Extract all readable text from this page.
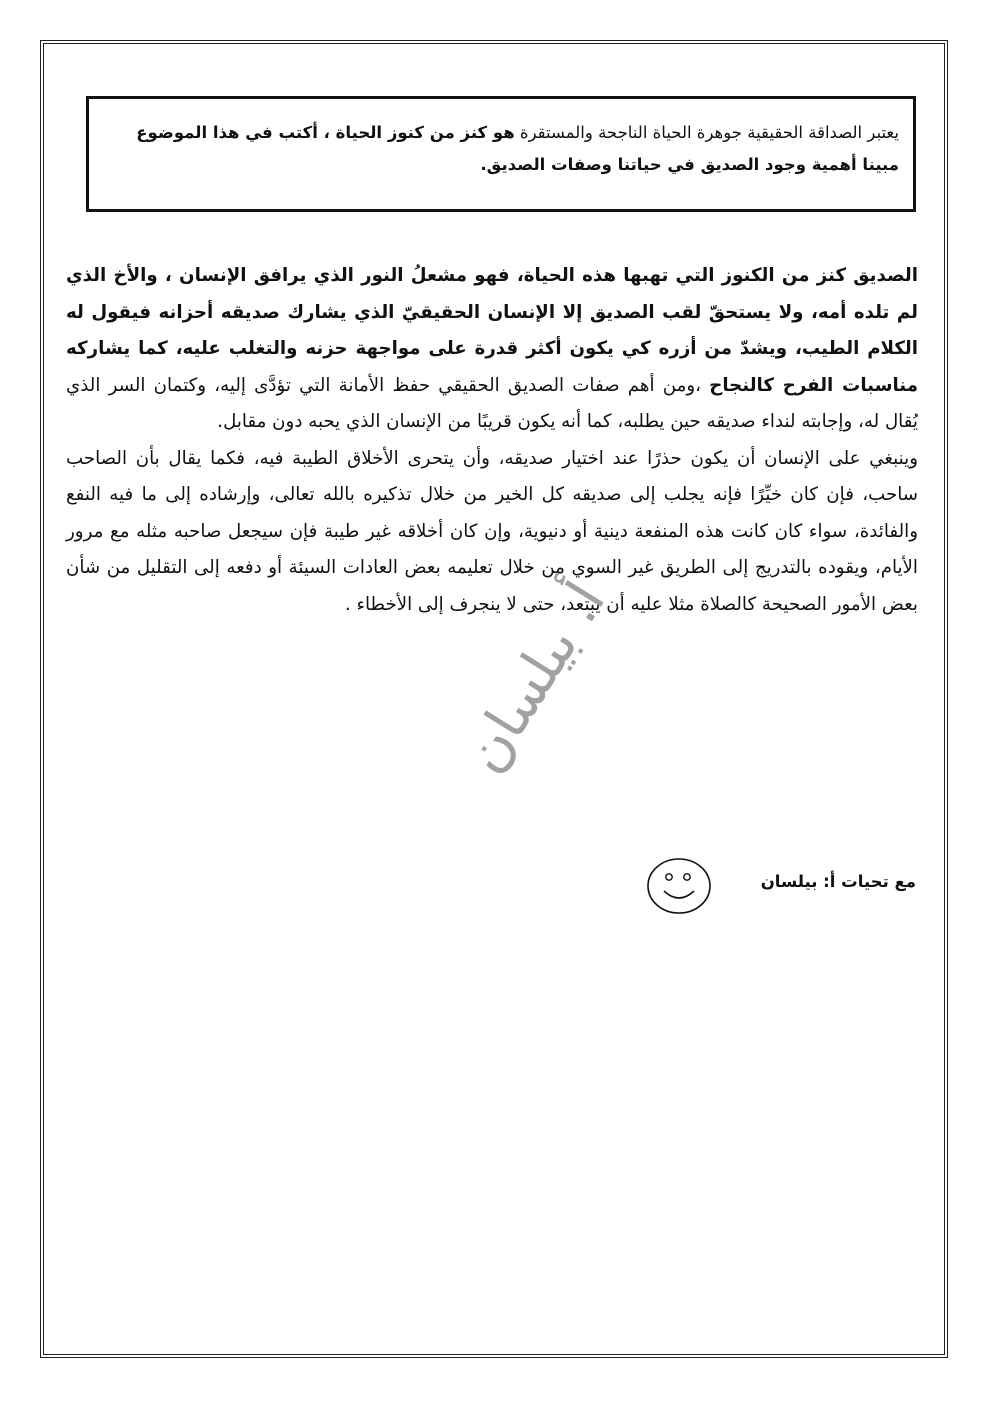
يعتبر الصداقة الحقيقية جوهرة الحياة الناجحة والمستقرة هو كنز من كنوز الحياة ، أكتب في هذا الموضوع
مبينا أهمية وجود الصديق في حياتنا وصفات الصديق.

الصديق كنز من الكنوز التي تهبها هذه الحياة، فهو مشعلُ النور الذي يرافق الإنسان ، والأخ الذي لم تلده أمه، ولا يستحقّ لقب الصديق إلا الإنسان الحقيقيّ الذي يشارك صديقه أحزانه فيقول له الكلام الطيب، ويشدّ من أزره كي يكون أكثر قدرة على مواجهة حزنه والتغلب عليه، كما يشاركه مناسبات الفرح كالنجاح ،ومن أهم صفات الصديق الحقيقي حفظ الأمانة التي تؤدَّى إليه، وكتمان السر الذي يُقال له، وإجابته لنداء صديقه حين يطلبه، كما أنه يكون قريبًا من الإنسان الذي يحبه دون مقابل.

وينبغي على الإنسان أن يكون حذرًا عند اختيار صديقه، وأن يتحرى الأخلاق الطيبة فيه، فكما يقال بأن الصاحب ساحب، فإن كان خيِّرًا فإنه يجلب إلى صديقه كل الخير من خلال تذكيره بالله تعالى، وإرشاده إلى ما فيه النفع والفائدة، سواء كان كانت هذه المنفعة دينية أو دنيوية، وإن كان أخلاقه غير طيبة فإن سيجعل صاحبه مثله مع مرور الأيام، ويقوده بالتدريج إلى الطريق غير السوي من خلال تعليمه بعض العادات السيئة أو دفعه إلى التقليل من شأن بعض الأمور الصحيحة كالصلاة مثلا عليه أن يبتعد، حتى لا ينجرف إلى الأخطاء .

أ. بيلسان
مع تحيات أ: بيلسان
